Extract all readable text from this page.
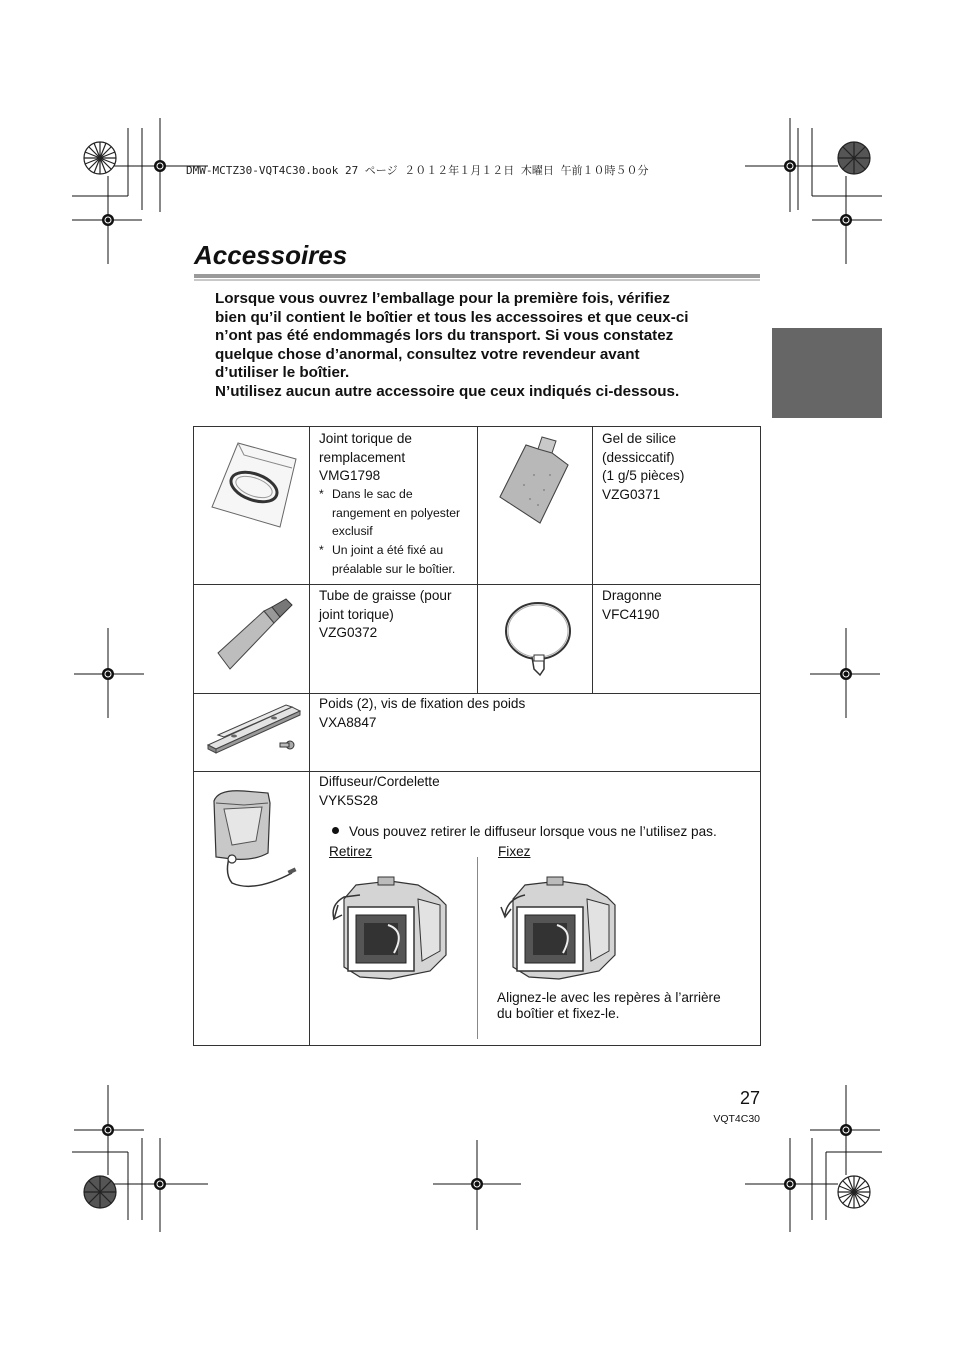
DMW-MCTZ30-VQT4C30.book 27 ページ ２０１２年１月１２日 木曜日 午前１０時５０分
Accessoires

Lorsque vous ouvrez l’emballage pour la première fois, vérifiez

bien qu’il contient le boîtier et tous les accessoires et que ceux-ci

n’ont pas été endommagés lors du transport. Si vous constatez

quelque chose d’anormal, consultez votre revendeur avant

d’utiliser le boîtier.

N’utilisez aucun autre accessoire que ceux indiqués ci-dessous.

Joint torique de
remplacement
VMG1798
* Dans le sac de
rangement en polyester
exclusif
* Un joint a été fixé au
préalable sur le boîtier.
Gel de silice
(dessiccatif)
(1 g/5 pièces)
VZG0371
Tube de graisse (pour
joint torique)
VZG0372
Dragonne
VFC4190
Poids (2), vis de fixation des poids
VXA8847
Diffuseur/Cordelette
VYK5S28
Vous pouvez retirer le diffuseur lorsque vous ne l’utilisez pas.
Retirez	Fixez
Alignez-le avec les repères à l’arrière
du boîtier et fixez-le.
27
VQT4C30
